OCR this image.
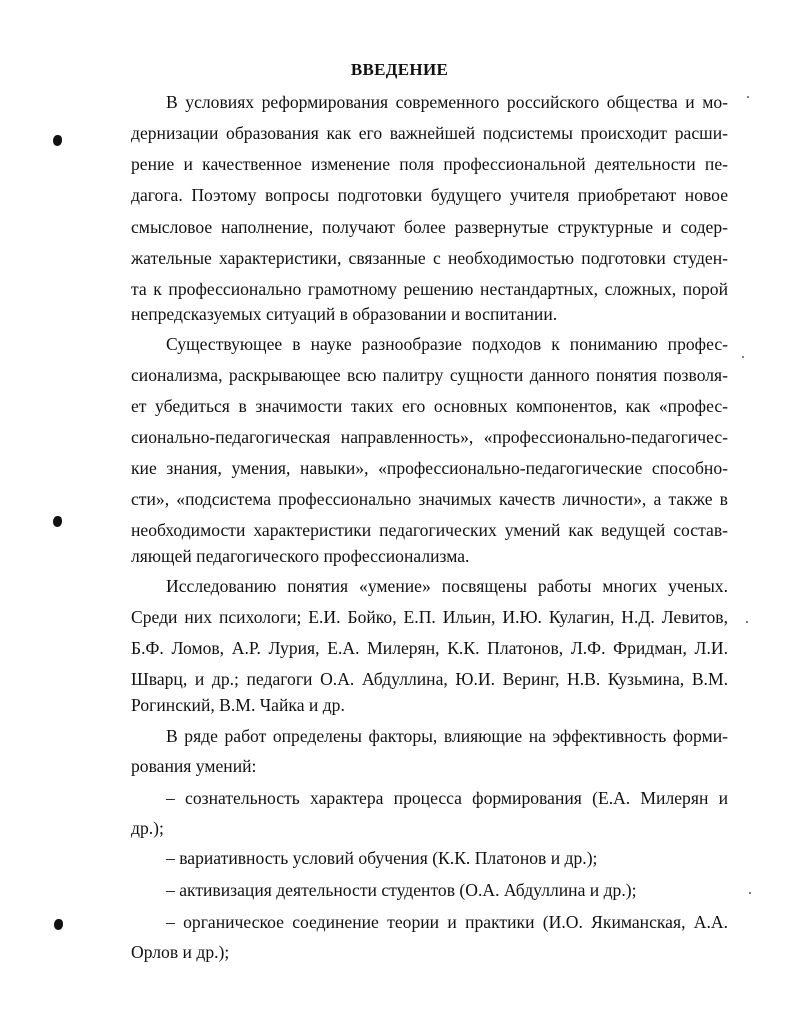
ВВЕДЕНИЕ
В условиях реформирования современного российского общества и мо-
дернизации образования как его важнейшей подсистемы происходит расши-
рение и качественное изменение поля профессиональной деятельности пе-
дагога. Поэтому вопросы подготовки будущего учителя приобретают новое
смысловое наполнение, получают более развернутые структурные и содер-
жательные характеристики, связанные с необходимостью подготовки студен-
та к профессионально грамотному решению нестандартных, сложных, порой
непредсказуемых ситуаций в образовании и воспитании.
Существующее в науке разнообразие подходов к пониманию профес-
сионализма, раскрывающее всю палитру сущности данного понятия позволя-
ет убедиться в значимости таких его основных компонентов, как «профес-
сионально-педагогическая направленность», «профессионально-педагогичес-
кие знания, умения, навыки», «профессионально-педагогические способно-
сти», «подсистема профессионально значимых качеств личности», а также в
необходимости характеристики педагогических умений как ведущей состав-
ляющей педагогического профессионализма.
Исследованию понятия «умение» посвящены работы многих ученых.
Среди них психологи; Е.И. Бойко, Е.П. Ильин, И.Ю. Кулагин, Н.Д. Левитов,
Б.Ф. Ломов, А.Р. Лурия, Е.А. Милерян, К.К. Платонов, Л.Ф. Фридман, Л.И.
Шварц, и др.; педагоги О.А. Абдуллина, Ю.И. Веринг, Н.В. Кузьмина, В.М.
Рогинский, В.М. Чайка и др.
В ряде работ определены факторы, влияющие на эффективность форми-
рования умений:
– сознательность характера процесса формирования (Е.А. Милерян и
др.);
– вариативность условий обучения (К.К. Платонов и др.);
– активизация деятельности студентов (О.А. Абдуллина и др.);
– органическое соединение теории и практики (И.О. Якиманская, А.А.
Орлов и др.);
